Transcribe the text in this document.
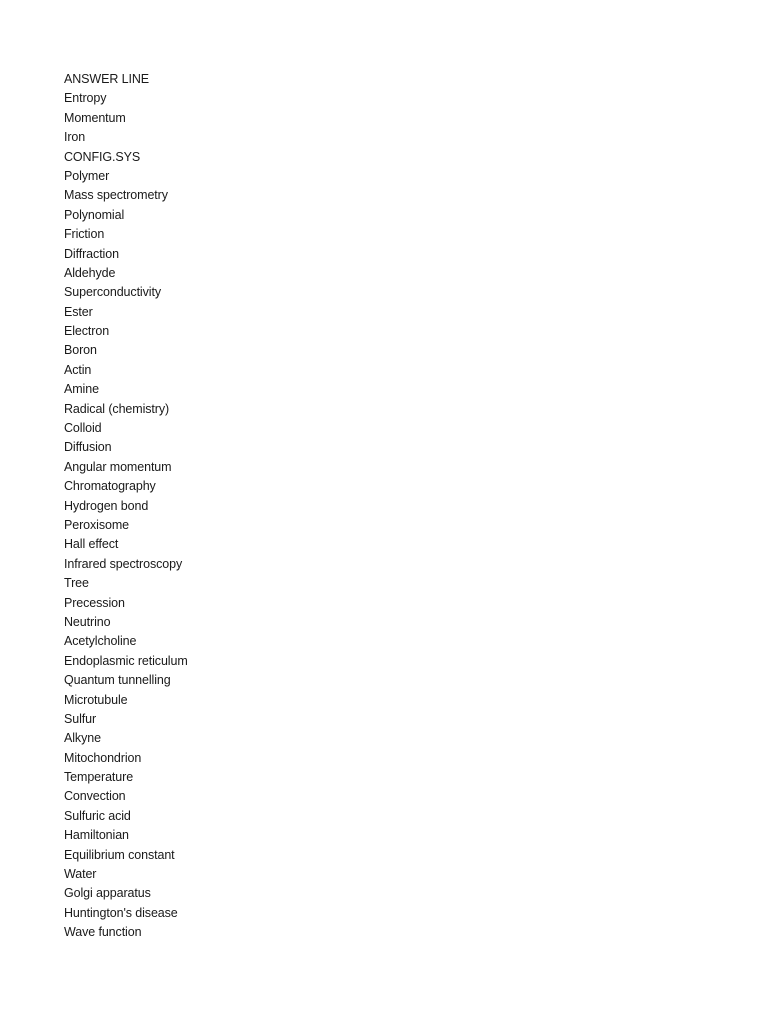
ANSWER LINE
Entropy
Momentum
Iron
CONFIG.SYS
Polymer
Mass spectrometry
Polynomial
Friction
Diffraction
Aldehyde
Superconductivity
Ester
Electron
Boron
Actin
Amine
Radical (chemistry)
Colloid
Diffusion
Angular momentum
Chromatography
Hydrogen bond
Peroxisome
Hall effect
Infrared spectroscopy
Tree
Precession
Neutrino
Acetylcholine
Endoplasmic reticulum
Quantum tunnelling
Microtubule
Sulfur
Alkyne
Mitochondrion
Temperature
Convection
Sulfuric acid
Hamiltonian
Equilibrium constant
Water
Golgi apparatus
Huntington's disease
Wave function
